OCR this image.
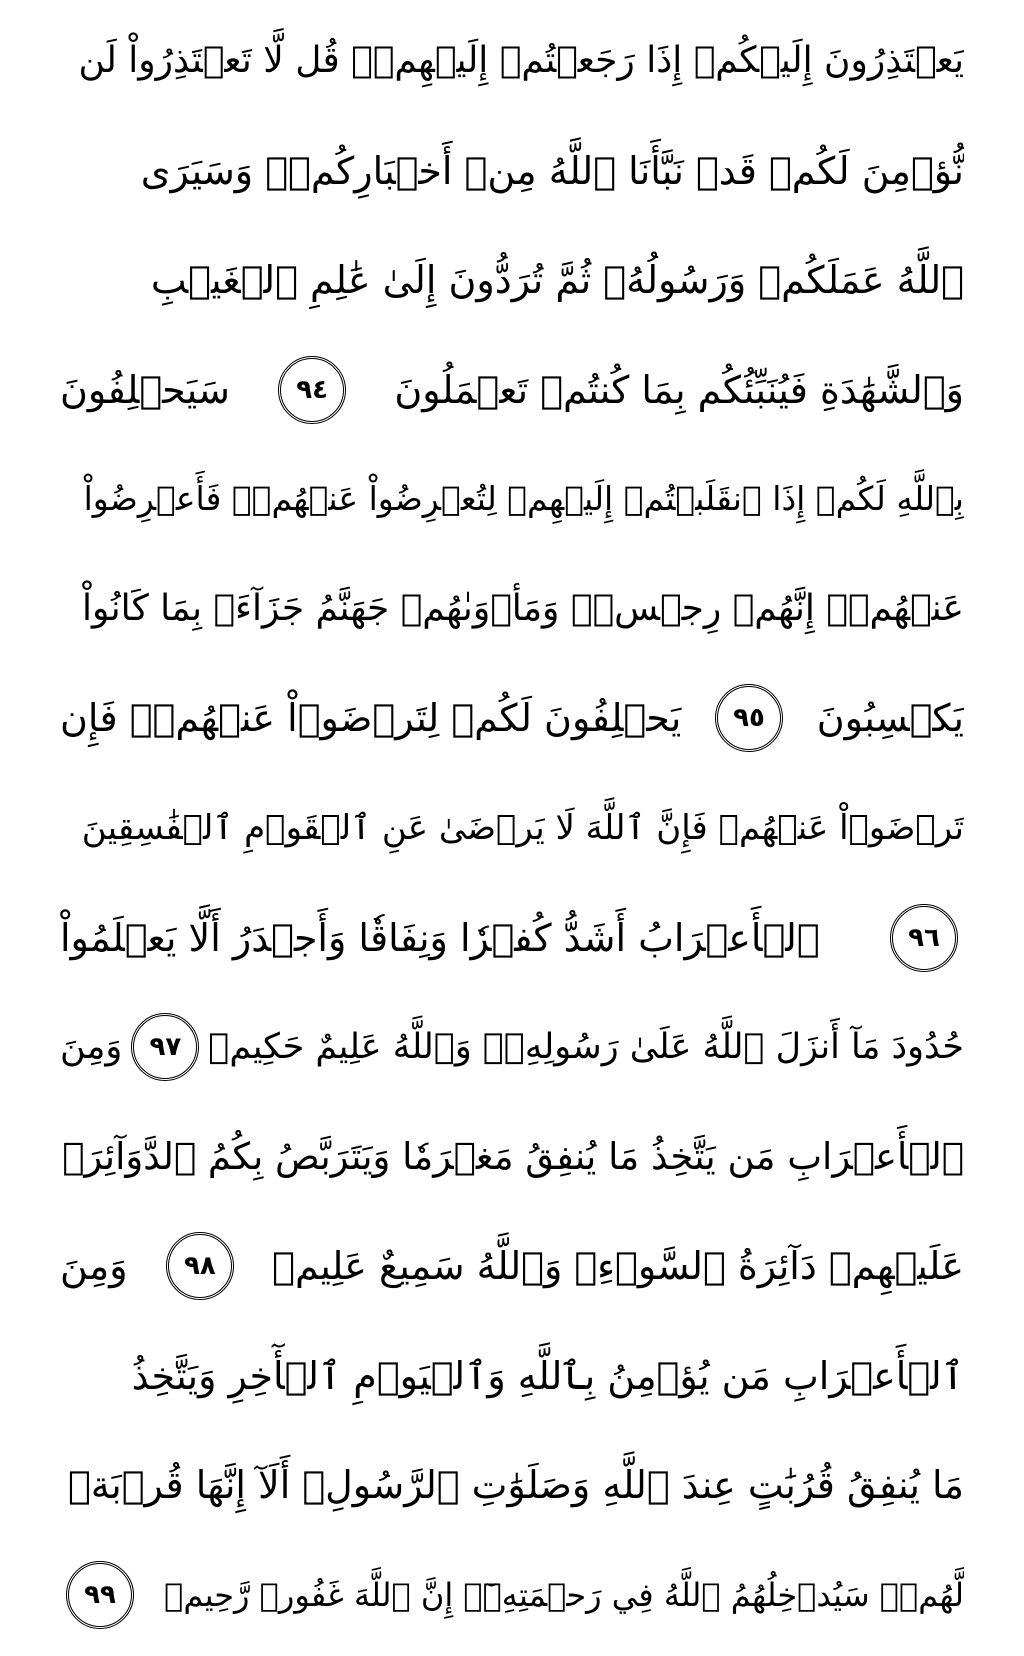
يَعۡتَذِرُونَ إِلَيۡكُمۡ إِذَا رَجَعۡتُمۡ إِلَيۡهِمۡۚ قُل لَّا تَعۡتَذِرُواْ لَن
نُّؤۡمِنَ لَكُمۡ قَدۡ نَبَّأَنَا ٱللَّهُ مِنۡ أَخۡبَارِكُمۡۚ وَسَيَرَى
ٱللَّهُ عَمَلَكُمۡ وَرَسُولُهُۥ ثُمَّ تُرَدُّونَ إِلَىٰ عَٰلِمِ ٱلۡغَيۡبِ
وَٱلشَّهَٰدَةِ فَيُنَبِّئُكُم بِمَا كُنتُمۡ تَعۡمَلُونَ
٩٤
سَيَحۡلِفُونَ
بِٱللَّهِ لَكُمۡ إِذَا ٱنقَلَبۡتُمۡ إِلَيۡهِمۡ لِتُعۡرِضُواْ عَنۡهُمۡۖ فَأَعۡرِضُواْ
عَنۡهُمۡۖ إِنَّهُمۡ رِجۡسٞۖ وَمَأۡوَىٰهُمۡ جَهَنَّمُ جَزَآءَۢ بِمَا كَانُواْ
يَكۡسِبُونَ
٩٥
يَحۡلِفُونَ لَكُمۡ لِتَرۡضَوۡاْ عَنۡهُمۡۖ فَإِن
تَرۡضَوۡاْ عَنۡهُمۡ فَإِنَّ ٱللَّهَ لَا يَرۡضَىٰ عَنِ ٱلۡقَوۡمِ ٱلۡفَٰسِقِينَ
٩٦
ٱلۡأَعۡرَابُ أَشَدُّ كُفۡرٗا وَنِفَاقٗا وَأَجۡدَرُ أَلَّا يَعۡلَمُواْ
حُدُودَ مَآ أَنزَلَ ٱللَّهُ عَلَىٰ رَسُولِهِۦۗ وَٱللَّهُ عَلِيمٌ حَكِيمٞ
٩٧
وَمِنَ
ٱلۡأَعۡرَابِ مَن يَتَّخِذُ مَا يُنفِقُ مَغۡرَمٗا وَيَتَرَبَّصُ بِكُمُ ٱلدَّوَآئِرَۚ
عَلَيۡهِمۡ دَآئِرَةُ ٱلسَّوۡءِۗ وَٱللَّهُ سَمِيعٌ عَلِيمٞ
٩٨
وَمِنَ
ٱلۡأَعۡرَابِ مَن يُؤۡمِنُ بِٱللَّهِ وَٱلۡيَوۡمِ ٱلۡأٓخِرِ وَيَتَّخِذُ
مَا يُنفِقُ قُرُبَٰتٍ عِندَ ٱللَّهِ وَصَلَوَٰتِ ٱلرَّسُولِۚ أَلَآ إِنَّهَا قُرۡبَةٞ
لَّهُمۡۚ سَيُدۡخِلُهُمُ ٱللَّهُ فِي رَحۡمَتِهِۦٓۚ إِنَّ ٱللَّهَ غَفُورٞ رَّحِيمٞ
٩٩
